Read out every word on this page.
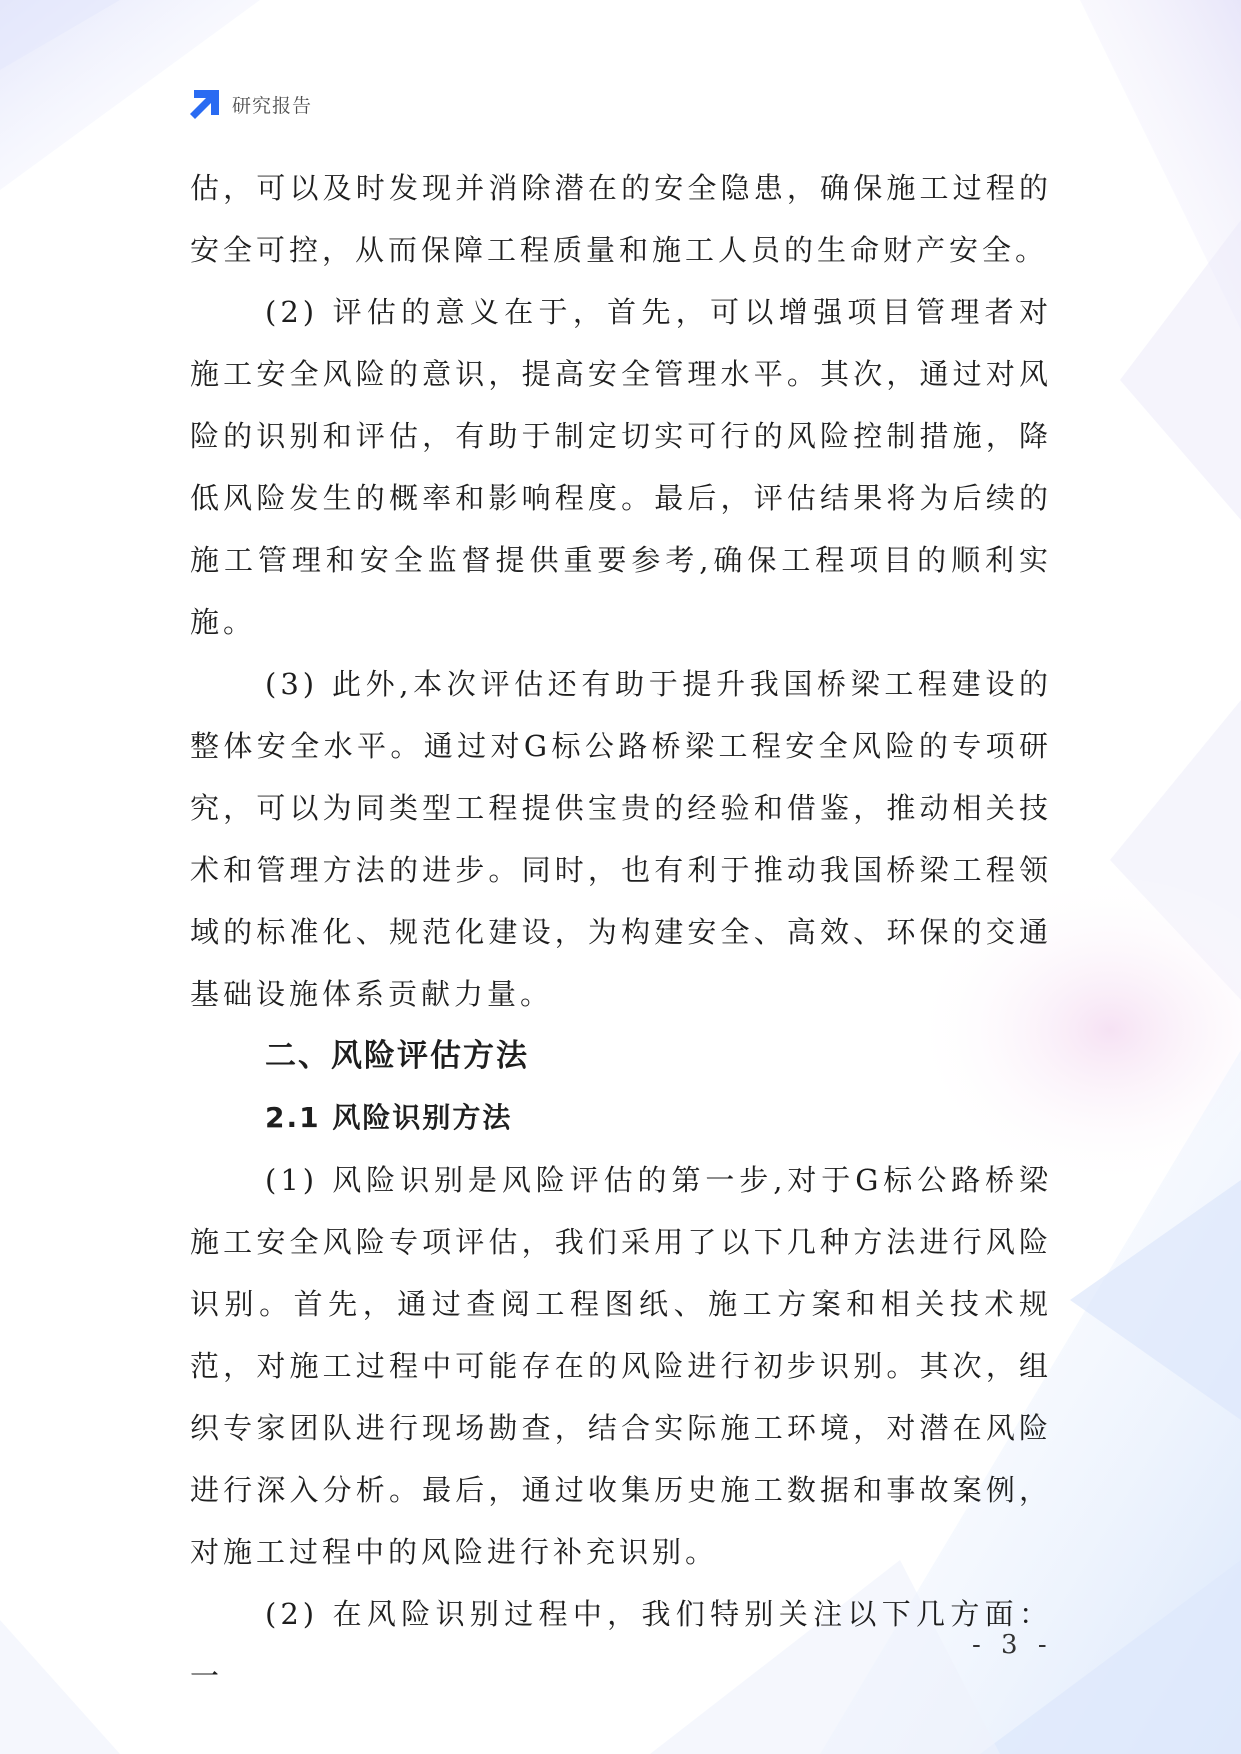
研究报告

估，可以及时发现并消除潜在的安全隐患，确保施工过程的安全可控，从而保障工程质量和施工人员的生命财产安全。

(2) 评估的意义在于，首先，可以增强项目管理者对施工安全风险的意识，提高安全管理水平。其次，通过对风险的识别和评估，有助于制定切实可行的风险控制措施，降低风险发生的概率和影响程度。最后，评估结果将为后续的施工管理和安全监督提供重要参考,确保工程项目的顺利实施。

(3) 此外,本次评估还有助于提升我国桥梁工程建设的整体安全水平。通过对G标公路桥梁工程安全风险的专项研究，可以为同类型工程提供宝贵的经验和借鉴，推动相关技术和管理方法的进步。同时，也有利于推动我国桥梁工程领域的标准化、规范化建设，为构建安全、高效、环保的交通基础设施体系贡献力量。

二、风险评估方法
2.1 风险识别方法

(1) 风险识别是风险评估的第一步,对于G标公路桥梁施工安全风险专项评估，我们采用了以下几种方法进行风险识别。首先，通过查阅工程图纸、施工方案和相关技术规范，对施工过程中可能存在的风险进行初步识别。其次，组织专家团队进行现场勘查，结合实际施工环境，对潜在风险进行深入分析。最后，通过收集历史施工数据和事故案例，对施工过程中的风险进行补充识别。

(2) 在风险识别过程中，我们特别关注以下几方面：一

- 3 -
